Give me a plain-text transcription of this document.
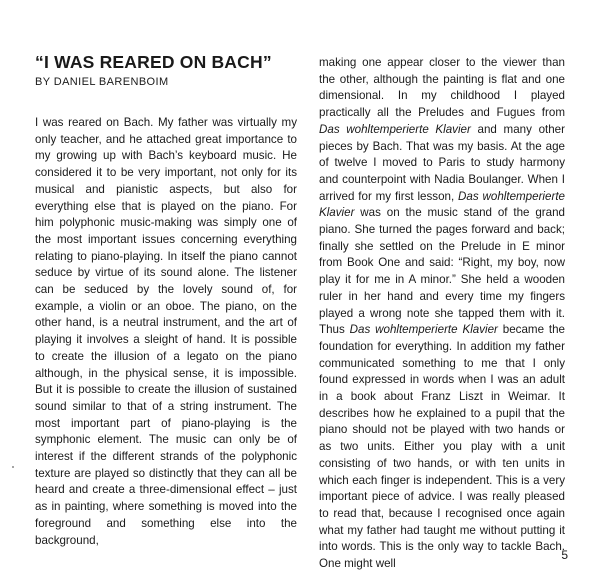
“I WAS REARED ON BACH”

BY DANIEL BARENBOIM

I was reared on Bach. My father was virtually my only teacher, and he attached great importance to my growing up with Bach’s keyboard music. He considered it to be very important, not only for its musical and pianistic aspects, but also for everything else that is played on the piano. For him polyphonic music-making was simply one of the most important issues concerning everything relating to piano-playing. In itself the piano cannot seduce by virtue of its sound alone. The listener can be seduced by the lovely sound of, for example, a violin or an oboe. The piano, on the other hand, is a neutral instrument, and the art of playing it involves a sleight of hand. It is possible to create the illusion of a legato on the piano although, in the physical sense, it is impossible. But it is possible to create the illusion of sustained sound similar to that of a string instrument. The most important part of piano-playing is the symphonic element. The music can only be of interest if the different strands of the polyphonic texture are played so distinctly that they can all be heard and create a three-dimensional effect – just as in painting, where something is moved into the foreground and something else into the background,

making one appear closer to the viewer than the other, although the painting is flat and one dimensional. In my childhood I played practically all the Preludes and Fugues from Das wohltemperierte Klavier and many other pieces by Bach. That was my basis. At the age of twelve I moved to Paris to study harmony and counterpoint with Nadia Boulanger. When I arrived for my first lesson, Das wohltemperierte Klavier was on the music stand of the grand piano. She turned the pages forward and back; finally she settled on the Prelude in E minor from Book One and said: “Right, my boy, now play it for me in A minor.” She held a wooden ruler in her hand and every time my fingers played a wrong note she tapped them with it. Thus Das wohltemperierte Klavier became the foundation for everything. In addition my father communicated something to me that I only found expressed in words when I was an adult in a book about Franz Liszt in Weimar. It describes how he explained to a pupil that the piano should not be played with two hands or as two units. Either you play with a unit consisting of two hands, or with ten units in which each finger is independent. This is a very important piece of advice. I was really pleased to read that, because I recognised once again what my father had taught me without putting it into words. This is the only way to tackle Bach. One might well

5
